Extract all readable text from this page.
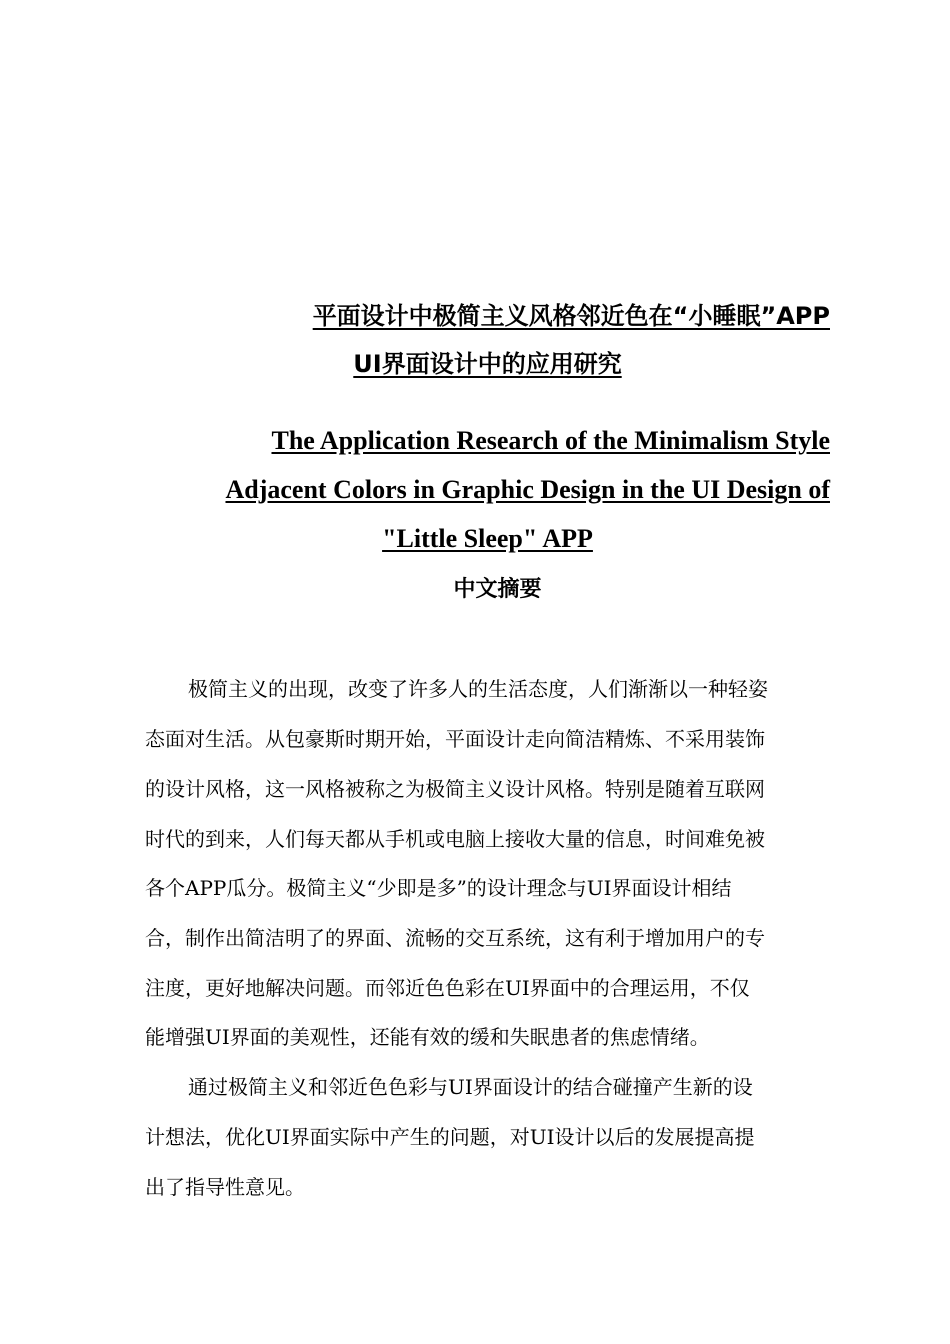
平面设计中极简主义风格邻近色在“小睡眠”APP
UI界面设计中的应用研究
The Application Research of the Minimalism Style
Adjacent Colors in Graphic Design in the UI Design of
"Little Sleep" APP
中文摘要
极简主义的出现，改变了许多人的生活态度，人们渐渐以一种轻姿
态面对生活。从包豪斯时期开始，平面设计走向简洁精炼、不采用装饰
的设计风格，这一风格被称之为极简主义设计风格。特别是随着互联网
时代的到来，人们每天都从手机或电脑上接收大量的信息，时间难免被
各个APP瓜分。极简主义“少即是多”的设计理念与UI界面设计相结
合，制作出简洁明了的界面、流畅的交互系统，这有利于增加用户的专
注度，更好地解决问题。而邻近色色彩在UI界面中的合理运用，不仅
能增强UI界面的美观性，还能有效的缓和失眠患者的焦虑情绪。
通过极简主义和邻近色色彩与UI界面设计的结合碰撞产生新的设
计想法，优化UI界面实际中产生的问题，对UI设计以后的发展提高提
出了指导性意见。
